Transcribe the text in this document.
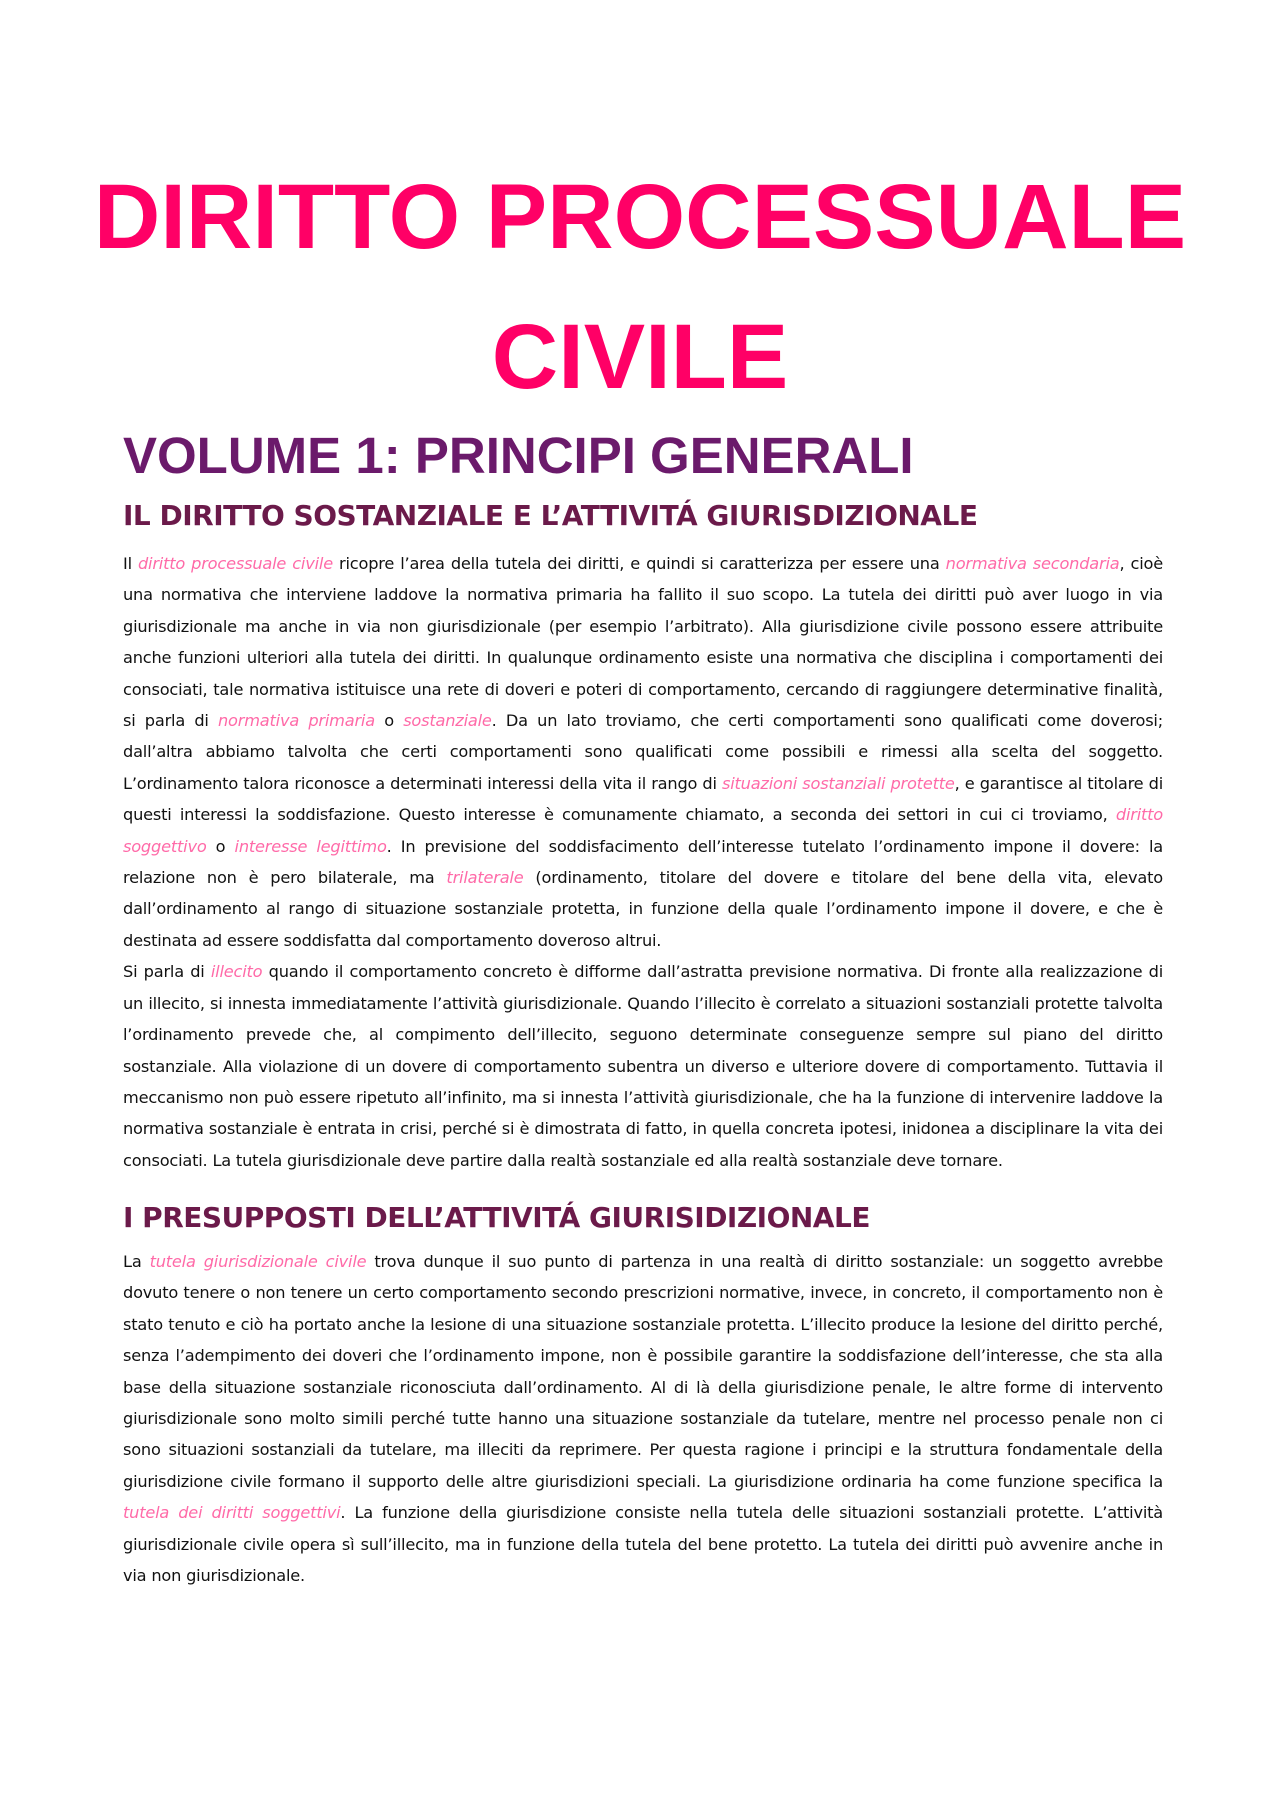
DIRITTO PROCESSUALE
CIVILE
VOLUME 1: PRINCIPI GENERALI
IL DIRITTO SOSTANZIALE E L’ATTIVITÁ GIURISDIZIONALE

Il diritto processuale civile ricopre l’area della tutela dei diritti, e quindi si caratterizza per essere una normativa secondaria, cioè una normativa che interviene laddove la normativa primaria ha fallito il suo scopo. La tutela dei diritti può aver luogo in via giurisdizionale ma anche in via non giurisdizionale (per esempio l’arbitrato). Alla giurisdizione civile possono essere attribuite anche funzioni ulteriori alla tutela dei diritti. In qualunque ordinamento esiste una normativa che disciplina i comportamenti dei consociati, tale normativa istituisce una rete di doveri e poteri di comportamento, cercando di raggiungere determinative finalità, si parla di normativa primaria o sostanziale. Da un lato troviamo, che certi comportamenti sono qualificati come doverosi; dall’altra abbiamo talvolta che certi comportamenti sono qualificati come possibili e rimessi alla scelta del soggetto. L’ordinamento talora riconosce a determinati interessi della vita il rango di situazioni sostanziali protette, e garantisce al titolare di questi interessi la soddisfazione. Questo interesse è comunamente chiamato, a seconda dei settori in cui ci troviamo, diritto soggettivo o interesse legittimo. In previsione del soddisfacimento dell’interesse tutelato l’ordinamento impone il dovere: la relazione non è pero bilaterale, ma trilaterale (ordinamento, titolare del dovere e titolare del bene della vita, elevato dall’ordinamento al rango di situazione sostanziale protetta, in funzione della quale l’ordinamento impone il dovere, e che è destinata ad essere soddisfatta dal comportamento doveroso altrui.

Si parla di illecito quando il comportamento concreto è difforme dall’astratta previsione normativa. Di fronte alla realizzazione di un illecito, si innesta immediatamente l’attività giurisdizionale. Quando l’illecito è correlato a situazioni sostanziali protette talvolta l’ordinamento prevede che, al compimento dell’illecito, seguono determinate conseguenze sempre sul piano del diritto sostanziale. Alla violazione di un dovere di comportamento subentra un diverso e ulteriore dovere di comportamento. Tuttavia il meccanismo non può essere ripetuto all’infinito, ma si innesta l’attività giurisdizionale, che ha la funzione di intervenire laddove la normativa sostanziale è entrata in crisi, perché si è dimostrata di fatto, in quella concreta ipotesi, inidonea a disciplinare la vita dei consociati. La tutela giurisdizionale deve partire dalla realtà sostanziale ed alla realtà sostanziale deve tornare.

I PRESUPPOSTI DELL’ATTIVITÁ GIURISIDIZIONALE

La tutela giurisdizionale civile trova dunque il suo punto di partenza in una realtà di diritto sostanziale: un soggetto avrebbe dovuto tenere o non tenere un certo comportamento secondo prescrizioni normative, invece, in concreto, il comportamento non è stato tenuto e ciò ha portato anche la lesione di una situazione sostanziale protetta. L’illecito produce la lesione del diritto perché, senza l’adempimento dei doveri che l’ordinamento impone, non è possibile garantire la soddisfazione dell’interesse, che sta alla base della situazione sostanziale riconosciuta dall’ordinamento. Al di là della giurisdizione penale, le altre forme di intervento giurisdizionale sono molto simili perché tutte hanno una situazione sostanziale da tutelare, mentre nel processo penale non ci sono situazioni sostanziali da tutelare, ma illeciti da reprimere. Per questa ragione i principi e la struttura fondamentale della giurisdizione civile formano il supporto delle altre giurisdizioni speciali. La giurisdizione ordinaria ha come funzione specifica la tutela dei diritti soggettivi. La funzione della giurisdizione consiste nella tutela delle situazioni sostanziali protette. L’attività giurisdizionale civile opera sì sull’illecito, ma in funzione della tutela del bene protetto. La tutela dei diritti può avvenire anche in via non giurisdizionale.
